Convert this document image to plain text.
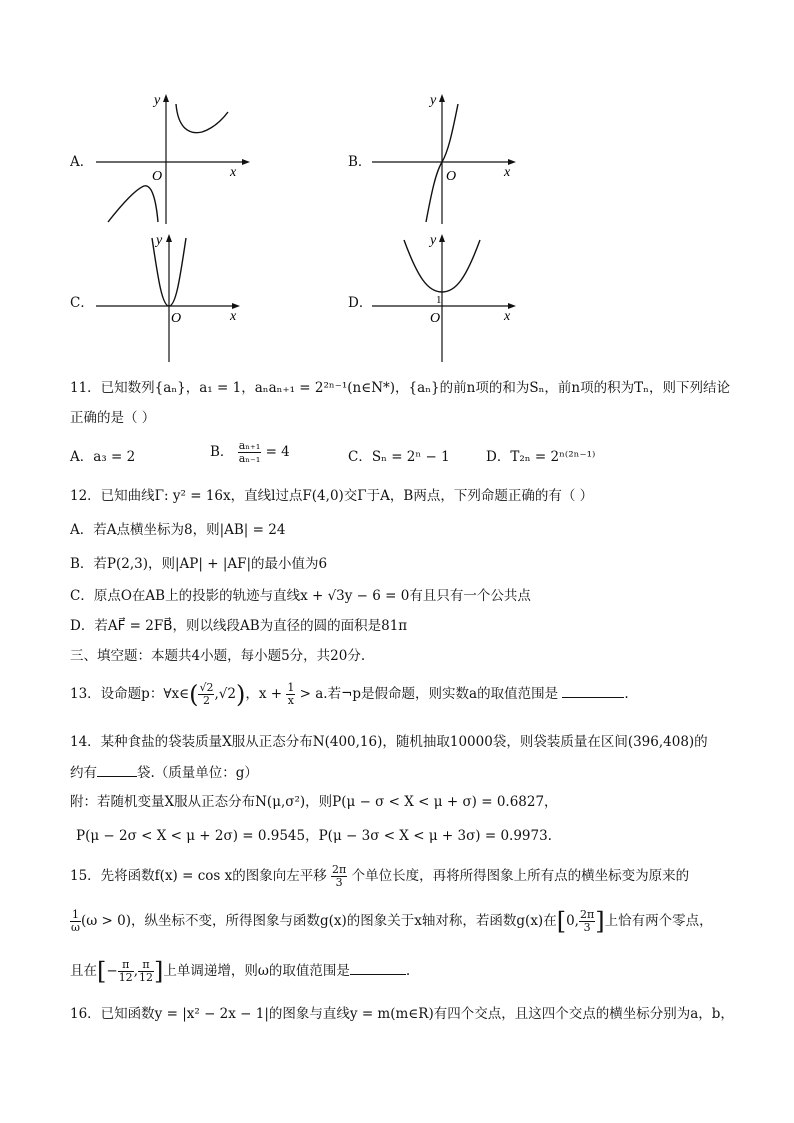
A．
y
x
O
B．
y
x
O
C．
y
x
O
D．
y
x
O
1
11．已知数列{aₙ}，a₁ = 1，aₙaₙ₊₁ = 2²ⁿ⁻¹(n∈N*)，{aₙ}的前n项的和为Sₙ，前n项的积为Tₙ，则下列结论
正确的是（ ）
A．a₃ = 2	B． $\frac{\text{aₙ₊₁}}{\text{aₙ₋₁}} = 4$	C．Sₙ = 2ⁿ − 1	D．T₂ₙ = 2ⁿ⁽²ⁿ⁻¹⁾
12．已知曲线Γ: y² = 16x，直线l过点F(4,0)交Γ于A，B两点，下列命题正确的有（ ）
A．若A点横坐标为8，则|AB| = 24
B．若P(2,3)，则|AP| + |AF|的最小值为6
C．原点O在AB上的投影的轨迹与直线x + √3y − 6 = 0有且只有一个公共点
D．若AF⃗ = 2FB⃗，则以线段AB为直径的圆的面积是81π
三、填空题：本题共4小题，每小题5分，共20分.
13．设命题p：∀x∈( $\frac{√2}{2} ,√2$)，$x + \frac{1}{x} > a$.若¬p是假命题，则实数a的取值范围是	.
14．某种食盐的袋装质量X服从正态分布N(400,16)，随机抽取10000袋，则袋装质量在区间(396,408)的
约有	袋.（质量单位：g）
附：若随机变量X服从正态分布N(μ,σ²)，则P(μ − σ < X < μ + σ) = 0.6827，
P(μ − 2σ < X < μ + 2σ) = 0.9545，P(μ − 3σ < X < μ + 3σ) = 0.9973.
15．先将函数f(x) = cos x的图象向左平移 $\frac{2\pi}{3}$ 个单位长度，再将所得图象上所有点的横坐标变为原来的
$\frac{1}{\omega} (\omega > 0)$，纵坐标不变，所得图象与函数g(x)的图象关于x轴对称，若函数g(x)在[0, $\frac{2\pi}{3}$ ]上恰有两个零点，
且在[− $\frac{\pi}{12}$ , $\frac{\pi}{12}$ ]上单调递增，则ω的取值范围是	.
16．已知函数y = |x² − 2x − 1|的图象与直线y = m(m∈R)有四个交点，且这四个交点的横坐标分别为a，b，
